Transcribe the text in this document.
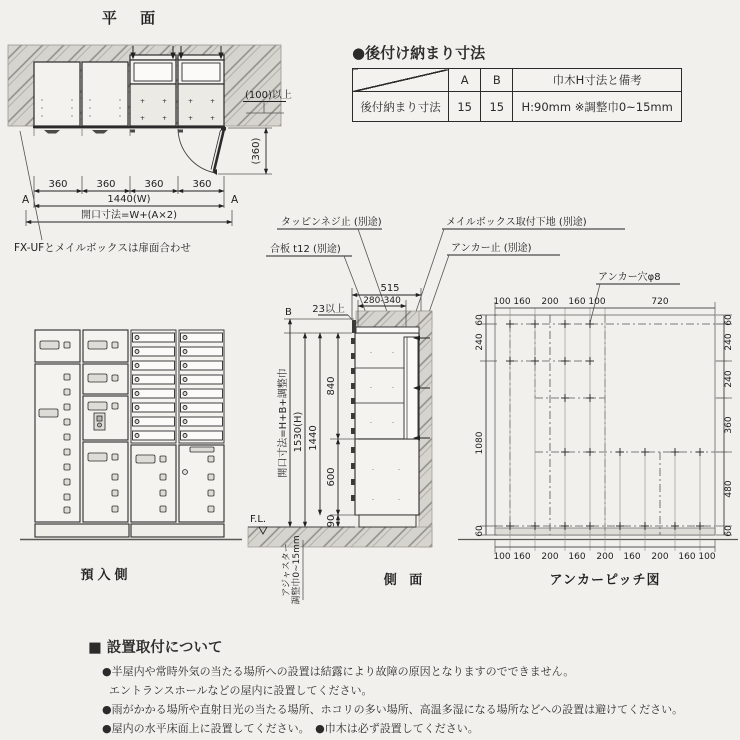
平 面
+	+
+	+
+	+
+	+
(100)以上
(360)
360	360	360	360
A	A
1440(W)
開口寸法=W+(A×2)
FX-UFとメイルボックスは扉面合わせ

●後付け納まり寸法

	A	B	巾木H寸法と備考
後付納まり寸法	15	15	H:90mm ※調整巾0~15mm
預入側
タッピンネジ止 (別途)
合板 t12 (別途)
メイルボックス取付下地 (別途)
アンカー止 (別途)
·	·
·	·
·	·
·	·
·	·
515
280-340
23以上
B
開口寸法=H+B+調整巾 1530(H) 1440
840
600
90
F.L.
アジャスター 調整巾0~15mm	側 面
アンカー穴φ8
100 160 200 160 100	720
100 160 200 160 200 160 200 160 100
60
240
1080
60
60
240
240
360
480
60
アンカーピッチ図

■ 設置取付について

●半屋内や常時外気の当たる場所への設置は結露により故障の原因となりますのでできません。
エントランスホールなどの屋内に設置してください。
●雨がかかる場所や直射日光の当たる場所、ホコリの多い場所、高温多湿になる場所などへの設置は避けてください。
●屋内の水平床面上に設置してください。　●巾木は必ず設置してください。
